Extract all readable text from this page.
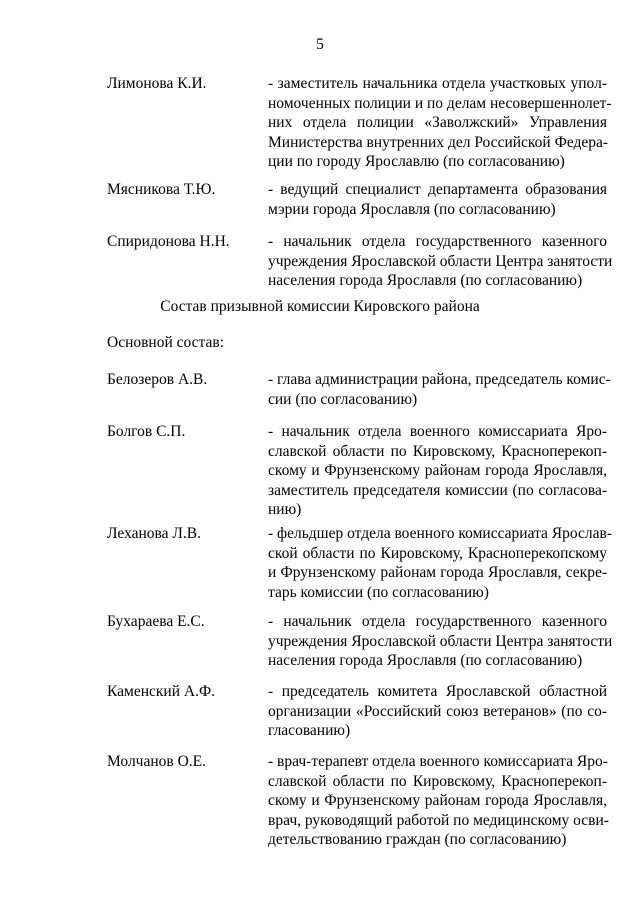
5
Лимонова К.И.	- заместитель начальника отдела участковых упол-
номоченных полиции и по делам несовершеннолет-
них отдела полиции «Заволжский» Управления
Министерства внутренних дел Российской Федера-
ции по городу Ярославлю (по согласованию)
Мясникова Т.Ю.	- ведущий специалист департамента образования
мэрии города Ярославля (по согласованию)
Спиридонова Н.Н. - начальник отдела государственного казенного
учреждения Ярославской области Центра занятости
населения города Ярославля (по согласованию)
Состав призывной комиссии Кировского района
Основной состав:
Белозеров А.В.	- глава администрации района, председатель комис-
сии (по согласованию)
Болгов С.П.	- начальник отдела военного комиссариата Яро-
славской области по Кировскому, Красноперекоп-
скому и Фрунзенскому районам города Ярославля,
заместитель председателя комиссии (по согласова-
нию)
Леханова Л.В.	- фельдшер отдела военного комиссариата Ярослав-
ской области по Кировскому, Красноперекопскому
и Фрунзенскому районам города Ярославля, секре-
тарь комиссии (по согласованию)
Бухараева Е.С.	- начальник отдела государственного казенного
учреждения Ярославской области Центра занятости
населения города Ярославля (по согласованию)
Каменский А.Ф.	- председатель комитета Ярославской областной
организации «Российский союз ветеранов» (по со-
гласованию)
Молчанов О.Е.	- врач-терапевт отдела военного комиссариата Яро-
славской области по Кировскому, Красноперекоп-
скому и Фрунзенскому районам города Ярославля,
врач, руководящий работой по медицинскому осви-
детельствованию граждан (по согласованию)
